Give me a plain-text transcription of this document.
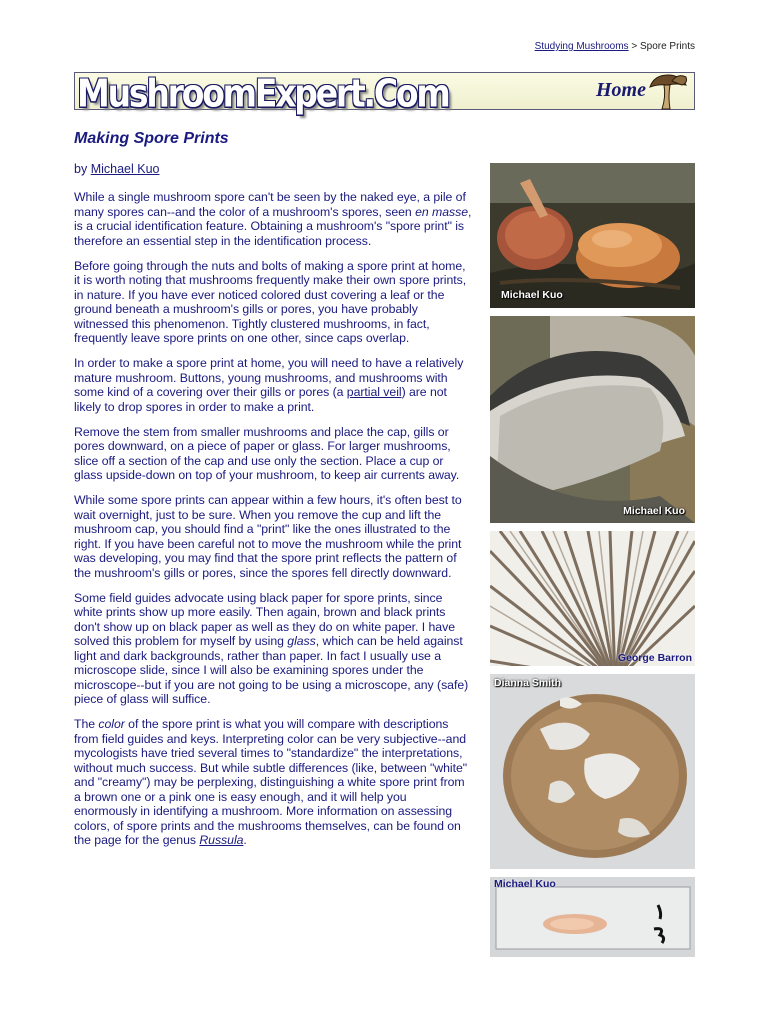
Studying Mushrooms > Spore Prints
MushroomExpert.Com	Home
Making Spore Prints
by Michael Kuo

While a single mushroom spore can't be seen by the naked eye, a pile of many spores can--and the color of a mushroom's spores, seen en masse, is a crucial identification feature. Obtaining a mushroom's "spore print" is therefore an essential step in the identification process.

Before going through the nuts and bolts of making a spore print at home, it is worth noting that mushrooms frequently make their own spore prints, in nature. If you have ever noticed colored dust covering a leaf or the ground beneath a mushroom's gills or pores, you have probably witnessed this phenomenon. Tightly clustered mushrooms, in fact, frequently leave spore prints on one other, since caps overlap.

In order to make a spore print at home, you will need to have a relatively mature mushroom. Buttons, young mushrooms, and mushrooms with some kind of a covering over their gills or pores (a partial veil) are not likely to drop spores in order to make a print.

Remove the stem from smaller mushrooms and place the cap, gills or pores downward, on a piece of paper or glass. For larger mushrooms, slice off a section of the cap and use only the section. Place a cup or glass upside-down on top of your mushroom, to keep air currents away.

While some spore prints can appear within a few hours, it's often best to wait overnight, just to be sure. When you remove the cup and lift the mushroom cap, you should find a "print" like the ones illustrated to the right. If you have been careful not to move the mushroom while the print was developing, you may find that the spore print reflects the pattern of the mushroom's gills or pores, since the spores fell directly downward.

Some field guides advocate using black paper for spore prints, since white prints show up more easily. Then again, brown and black prints don't show up on black paper as well as they do on white paper. I have solved this problem for myself by using glass, which can be held against light and dark backgrounds, rather than paper. In fact I usually use a microscope slide, since I will also be examining spores under the microscope--but if you are not going to be using a microscope, any (safe) piece of glass will suffice.

The color of the spore print is what you will compare with descriptions from field guides and keys. Interpreting color can be very subjective--and mycologists have tried several times to "standardize" the interpretations, without much success. But while subtle differences (like, between "white" and "creamy") may be perplexing, distinguishing a white spore print from a brown one or a pink one is easy enough, and it will help you enormously in identifying a mushroom. More information on assessing colors, of spore prints and the mushrooms themselves, can be found on the page for the genus Russula.

Michael Kuo
Michael Kuo
George Barron
Dianna Smith
Michael Kuo
